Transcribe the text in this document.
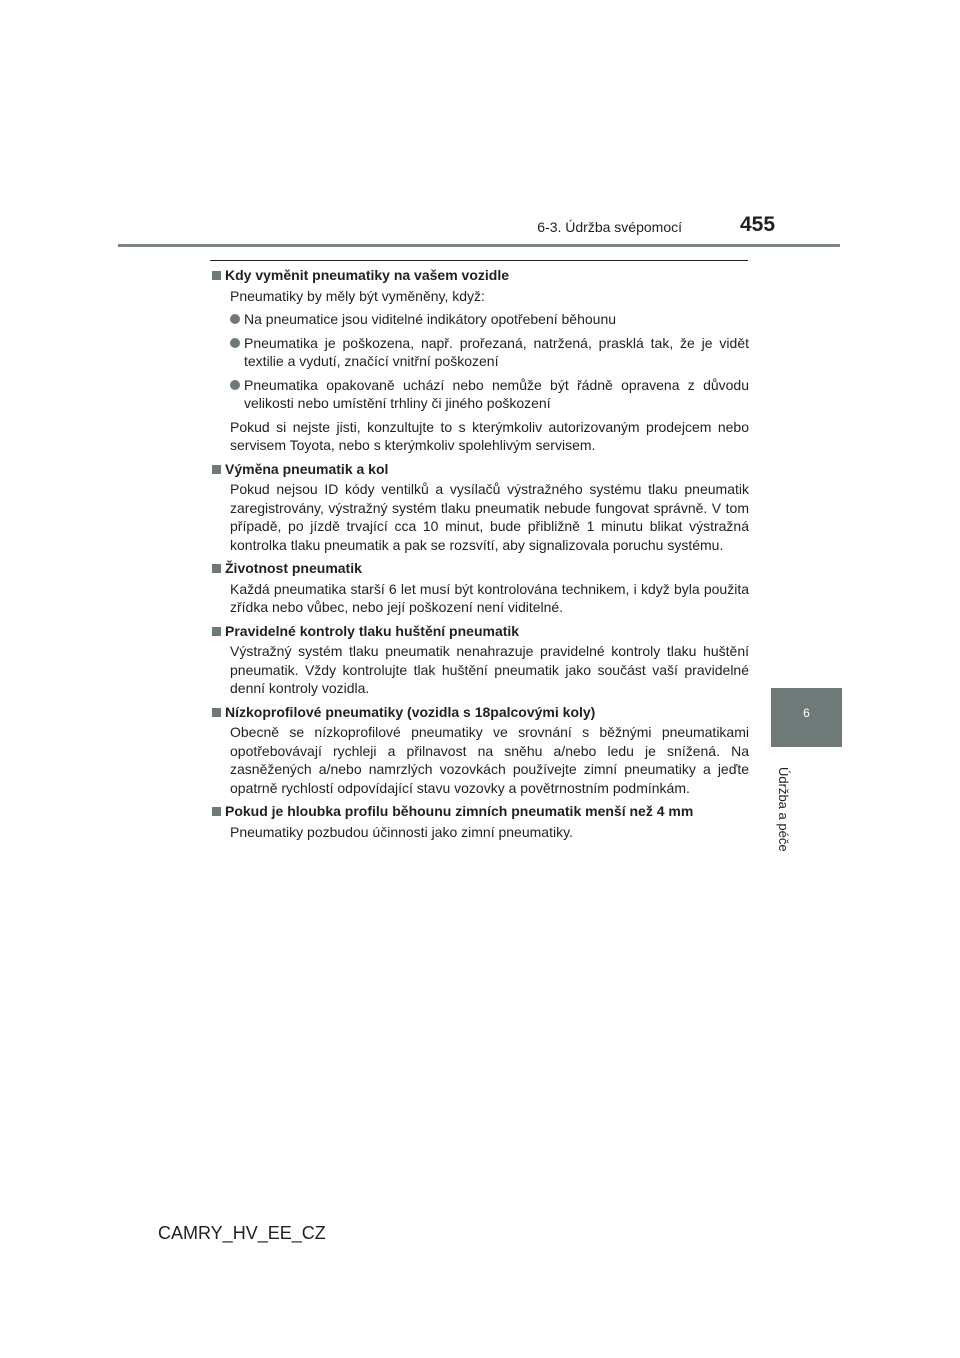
6-3. Údržba svépomocí	455
6
Údržba a péče
Kdy vyměnit pneumatiky na vašem vozidle
Pneumatiky by měly být vyměněny, když:
Na pneumatice jsou viditelné indikátory opotřebení běhounu
Pneumatika je poškozena, např. prořezaná, natržená, prasklá tak, že je vidět textilie a vydutí, značící vnitřní poškození
Pneumatika opakovaně uchází nebo nemůže být řádně opravena z důvodu velikosti nebo umístění trhliny či jiného poškození
Pokud si nejste jisti, konzultujte to s kterýmkoliv autorizovaným prodejcem nebo servisem Toyota, nebo s kterýmkoliv spolehlivým servisem.
Výměna pneumatik a kol
Pokud nejsou ID kódy ventilků a vysílačů výstražného systému tlaku pneumatik zaregistrovány, výstražný systém tlaku pneumatik nebude fungovat správně. V tom případě, po jízdě trvající cca 10 minut, bude přibližně 1 minutu blikat výstražná kontrolka tlaku pneumatik a pak se rozsvítí, aby signalizovala poruchu systému.
Životnost pneumatik
Každá pneumatika starší 6 let musí být kontrolována technikem, i když byla použita zřídka nebo vůbec, nebo její poškození není viditelné.
Pravidelné kontroly tlaku huštění pneumatik
Výstražný systém tlaku pneumatik nenahrazuje pravidelné kontroly tlaku huštění pneumatik. Vždy kontrolujte tlak huštění pneumatik jako součást vaší pravidelné denní kontroly vozidla.
Nízkoprofilové pneumatiky (vozidla s 18palcovými koly)
Obecně se nízkoprofilové pneumatiky ve srovnání s běžnými pneumatikami opotřebovávají rychleji a přilnavost na sněhu a/nebo ledu je snížená. Na zasněžených a/nebo namrzlých vozovkách používejte zimní pneumatiky a jeďte opatrně rychlostí odpovídající stavu vozovky a povětrnostním podmínkám.
Pokud je hloubka profilu běhounu zimních pneumatik menší než 4 mm
Pneumatiky pozbudou účinnosti jako zimní pneumatiky.
CAMRY_HV_EE_CZ
